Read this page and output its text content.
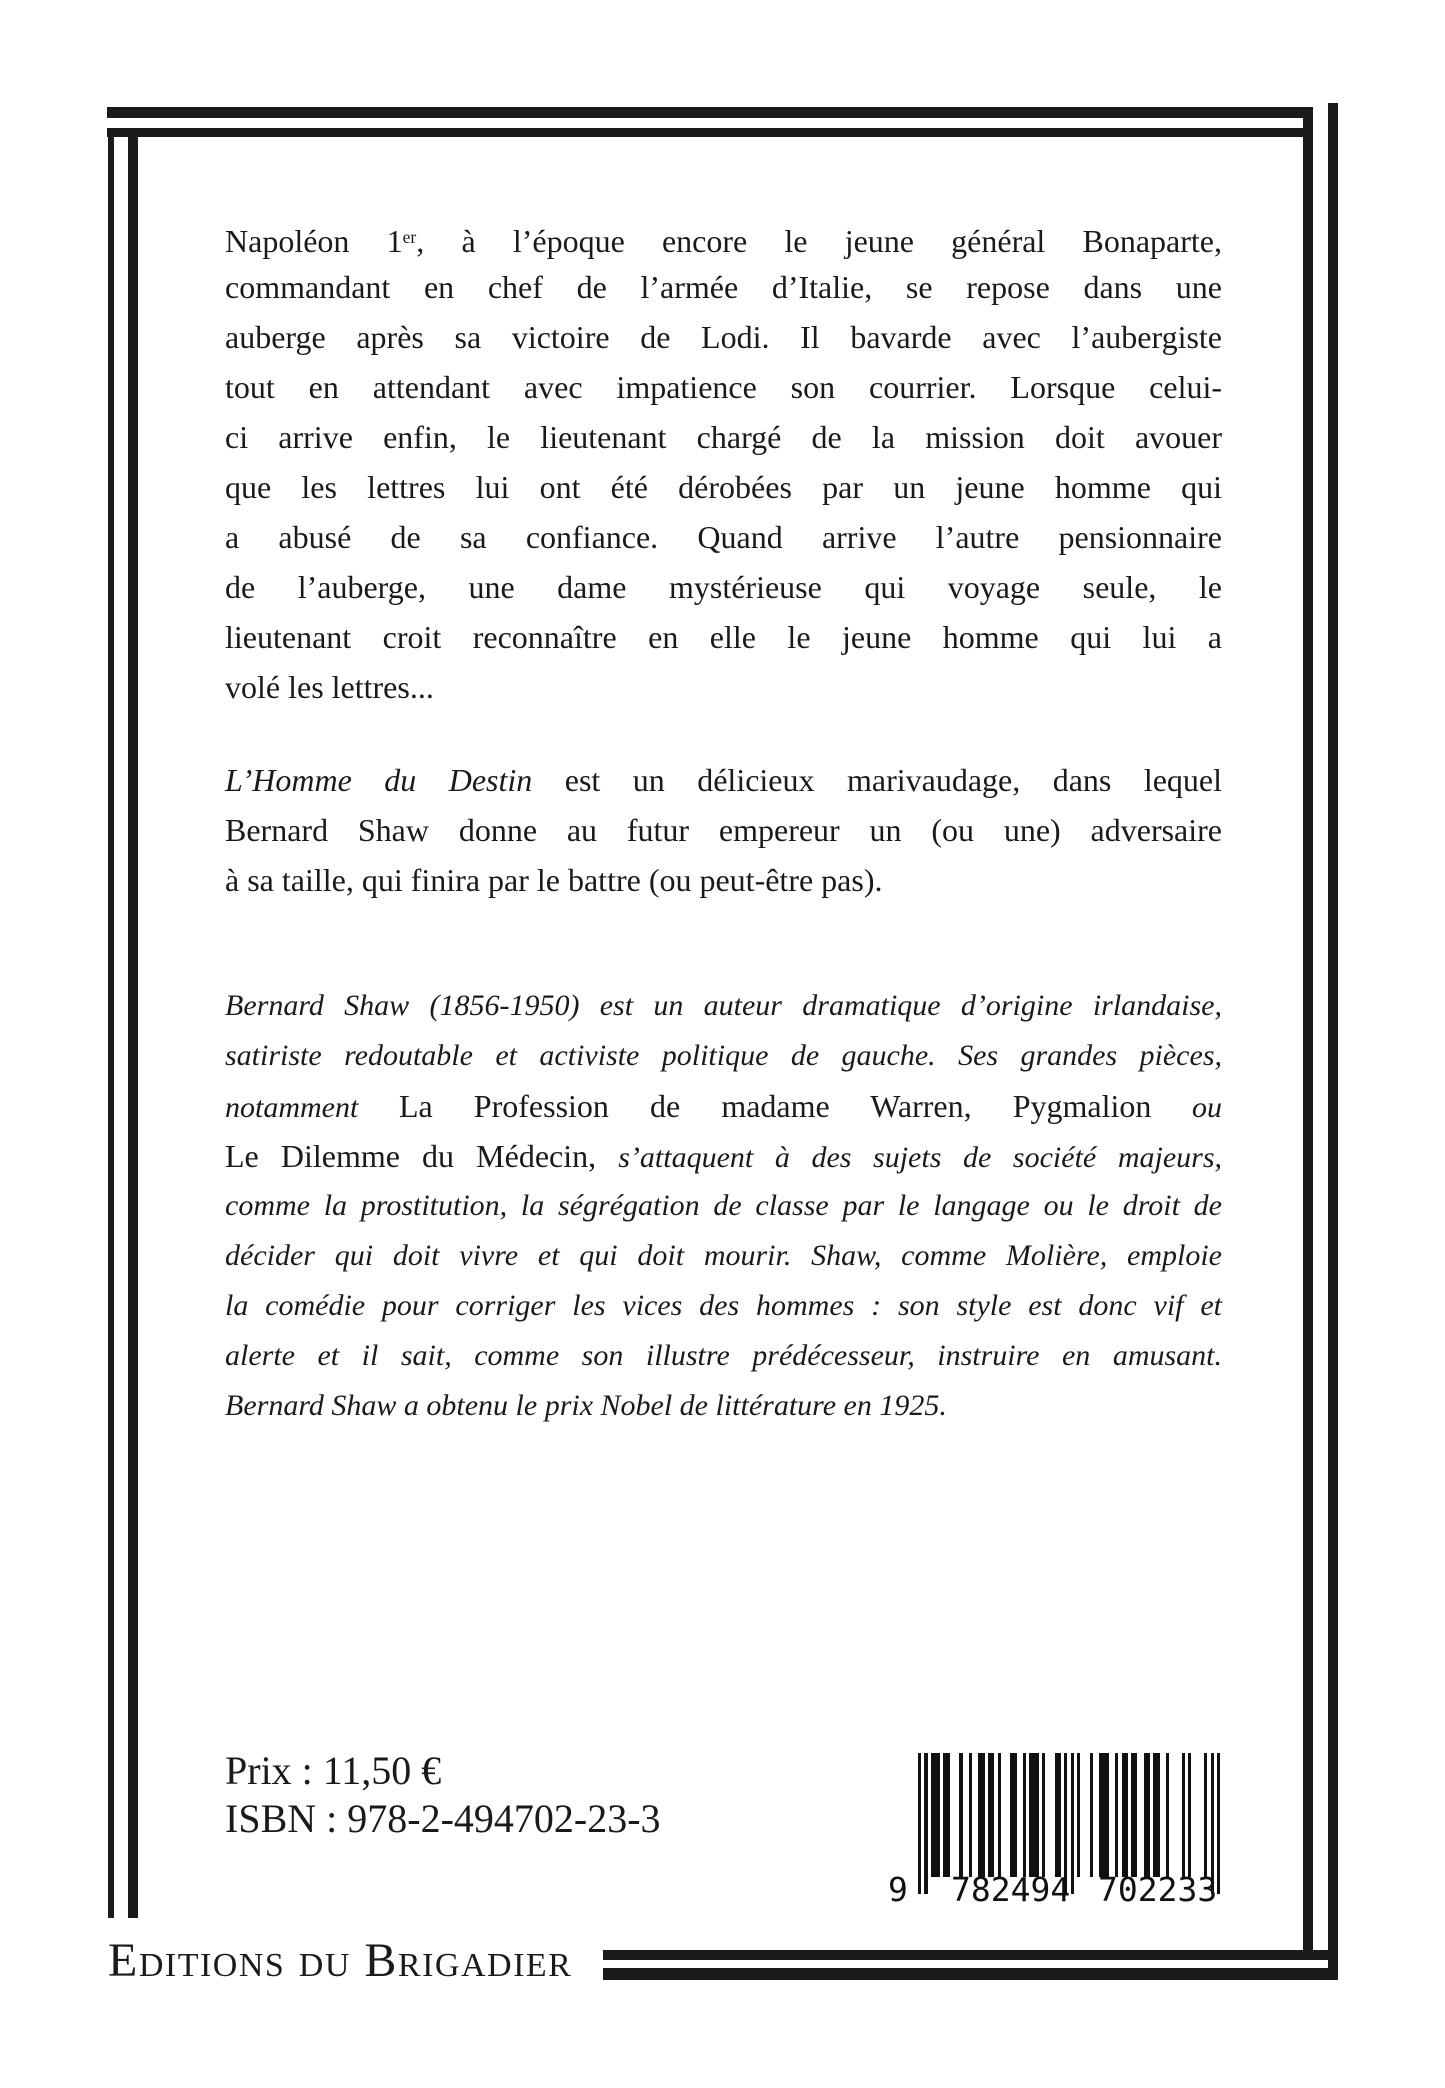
Napoléon 1er, à l’époque encore le jeune général Bonaparte,
commandant en chef de l’armée d’Italie, se repose dans une
auberge après sa victoire de Lodi. Il bavarde avec l’aubergiste
tout en attendant avec impatience son courrier. Lorsque celui-
ci arrive enfin, le lieutenant chargé de la mission doit avouer
que les lettres lui ont été dérobées par un jeune homme qui
a abusé de sa confiance. Quand arrive l’autre pensionnaire
de l’auberge, une dame mystérieuse qui voyage seule, le
lieutenant croit reconnaître en elle le jeune homme qui lui a
volé les lettres...
L’Homme du Destin est un délicieux marivaudage, dans lequel
Bernard Shaw donne au futur empereur un (ou une) adversaire
à sa taille, qui finira par le battre (ou peut-être pas).
Bernard Shaw (1856-1950) est un auteur dramatique d’origine irlandaise,
satiriste redoutable et activiste politique de gauche. Ses grandes pièces,
notamment La Profession de madame Warren, Pygmalion ou
Le Dilemme du Médecin, s’attaquent à des sujets de société majeurs,
comme la prostitution, la ségrégation de classe par le langage ou le droit de
décider qui doit vivre et qui doit mourir. Shaw, comme Molière, emploie
la comédie pour corriger les vices des hommes : son style est donc vif et
alerte et il sait, comme son illustre prédécesseur, instruire en amusant.
Bernard Shaw a obtenu le prix Nobel de littérature en 1925.
Prix : 11,50 €
ISBN : 978-2-494702-23-3
9 782494 702233
Editions du Brigadier
